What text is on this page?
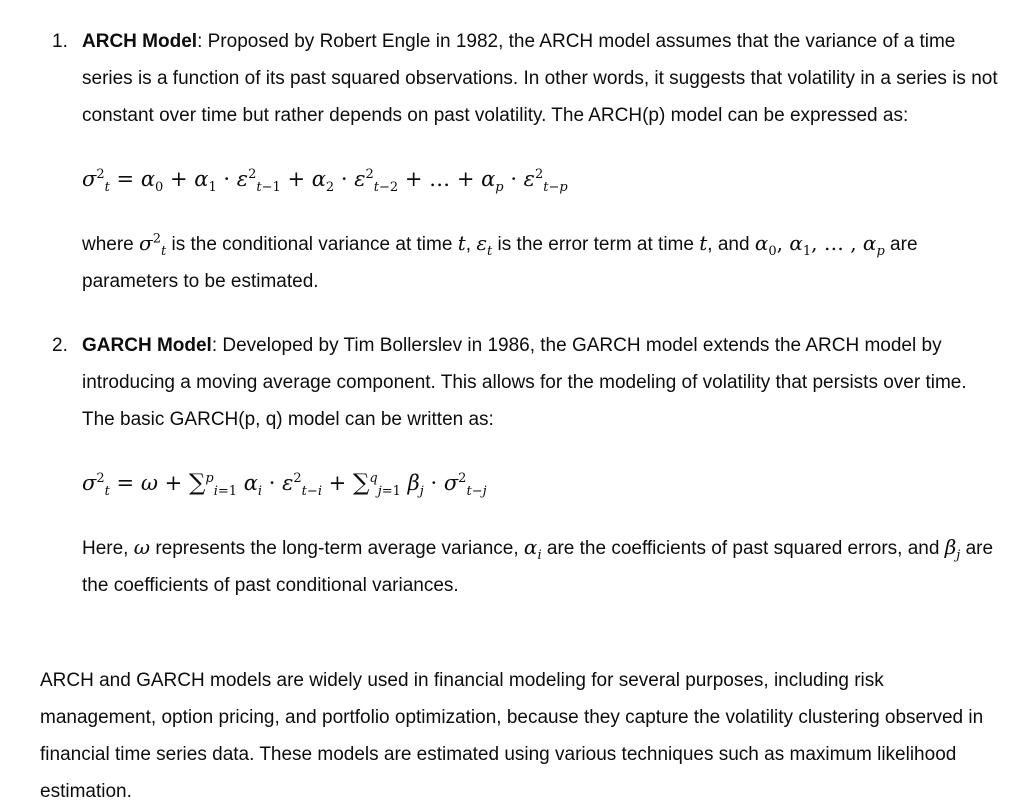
1. ARCH Model: Proposed by Robert Engle in 1982, the ARCH model assumes that the variance of a time series is a function of its past squared observations. In other words, it suggests that volatility in a series is not constant over time but rather depends on past volatility. The ARCH(p) model can be expressed as:

$\sigma^2_t = \alpha_0 + \alpha_1 \cdot \varepsilon^2_{t-1} + \alpha_2 \cdot \varepsilon^2_{t-2}$ + … + $\alpha_p \cdot \varepsilon^2_{t-p}$

where $\sigma^2_t$ is the conditional variance at time t, $\varepsilon_t$ is the error term at time t, and $\alpha_0$, $\alpha_1$, … , $\alpha_p$ are parameters to be estimated.

2. GARCH Model: Developed by Tim Bollerslev in 1986, the GARCH model extends the ARCH model by introducing a moving average component. This allows for the modeling of volatility that persists over time. The basic GARCH(p, q) model can be written as:

$\sigma^2_t = \omega + \sum^p_{i=1}$ $\alpha_i \cdot \varepsilon^2_{t-i} + \sum^q_{j=1}$ $\beta_j \cdot \sigma^2_{t-j}$

Here, ω represents the long-term average variance, $\alpha_i$ are the coefficients of past squared errors, and $\beta_j$ are the coefficients of past conditional variances.

ARCH and GARCH models are widely used in financial modeling for several purposes, including risk management, option pricing, and portfolio optimization, because they capture the volatility clustering observed in financial time series data. These models are estimated using various techniques such as maximum likelihood estimation.
